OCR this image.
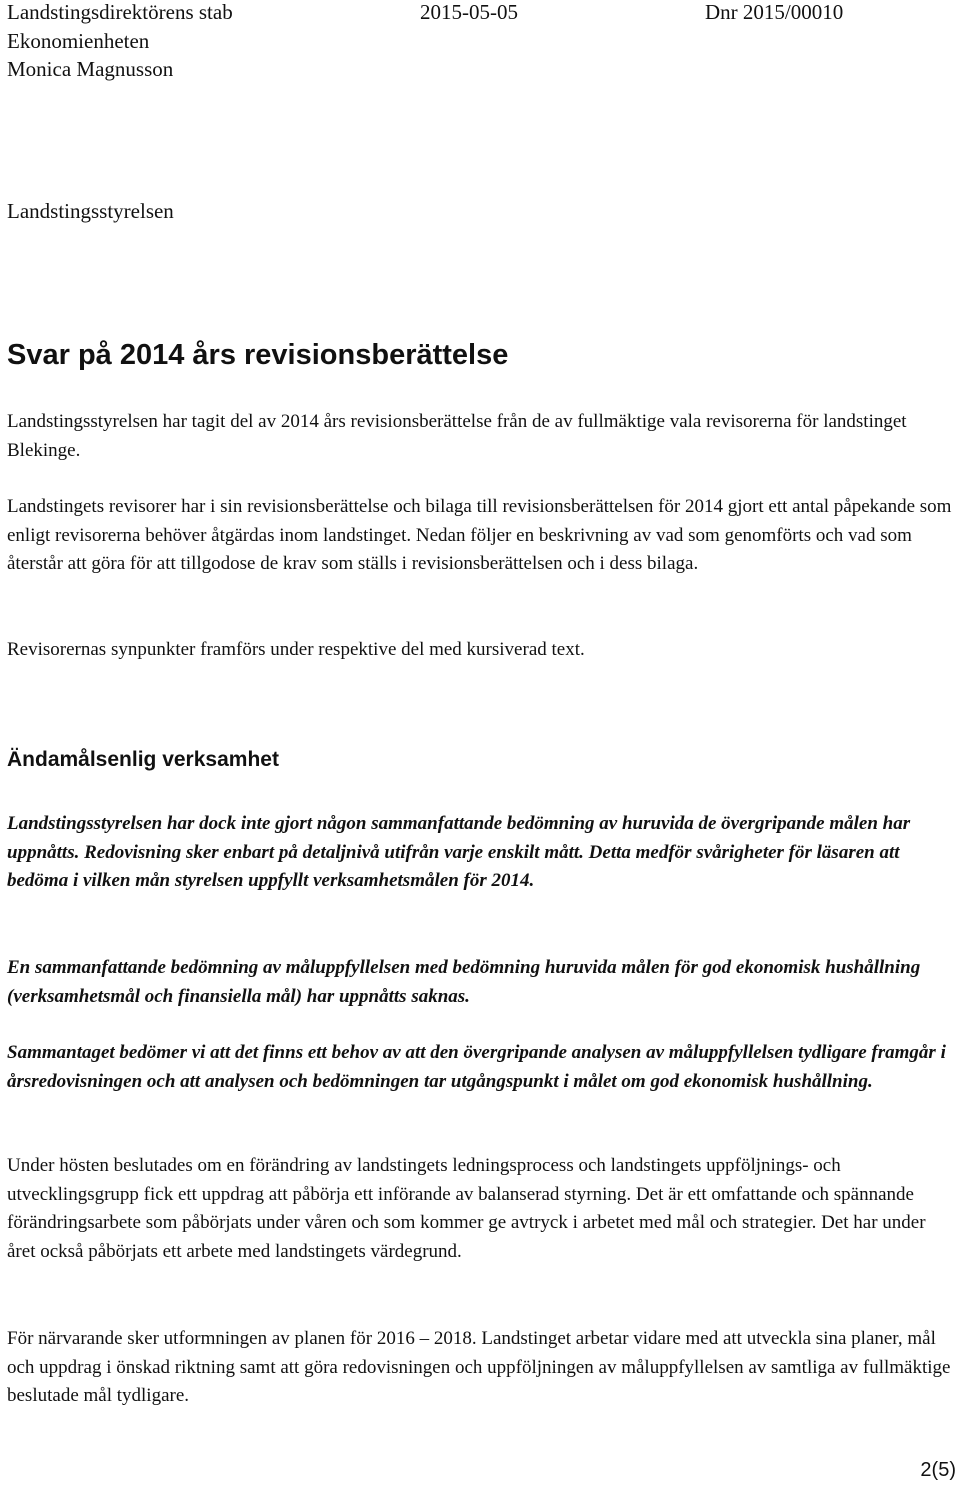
Landstingsdirektörens stab	2015-05-05	Dnr 2015/00010
Ekonomienheten
Monica Magnusson
Landstingsstyrelsen
Svar på 2014 års revisionsberättelse

Landstingsstyrelsen har tagit del av 2014 års revisionsberättelse från de av fullmäktige vala revisorerna för landstinget Blekinge.

Landstingets revisorer har i sin revisionsberättelse och bilaga till revisionsberättelsen för 2014 gjort ett antal påpekande som enligt revisorerna behöver åtgärdas inom landstinget. Nedan följer en beskrivning av vad som genomförts och vad som återstår att göra för att tillgodose de krav som ställs i revisionsberättelsen och i dess bilaga.

Revisorernas synpunkter framförs under respektive del med kursiverad text.

Ändamålsenlig verksamhet

Landstingsstyrelsen har dock inte gjort någon sammanfattande bedömning av huruvida de övergripande målen har uppnåtts. Redovisning sker enbart på detaljnivå utifrån varje enskilt mått. Detta medför svårigheter för läsaren att bedöma i vilken mån styrelsen uppfyllt verksamhetsmålen för 2014.

En sammanfattande bedömning av måluppfyllelsen med bedömning huruvida målen för god ekonomisk hushållning (verksamhetsmål och finansiella mål) har uppnåtts saknas.

Sammantaget bedömer vi att det finns ett behov av att den övergripande analysen av måluppfyllelsen tydligare framgår i årsredovisningen och att analysen och bedömningen tar utgångspunkt i målet om god ekonomisk hushållning.

Under hösten beslutades om en förändring av landstingets ledningsprocess och landstingets uppföljnings- och utvecklingsgrupp fick ett uppdrag att påbörja ett införande av balanserad styrning. Det är ett omfattande och spännande förändringsarbete som påbörjats under våren och som kommer ge avtryck i arbetet med mål och strategier. Det har under året också påbörjats ett arbete med landstingets värdegrund.

För närvarande sker utformningen av planen för 2016 – 2018. Landstinget arbetar vidare med att utveckla sina planer, mål och uppdrag i önskad riktning samt att göra redovisningen och uppföljningen av måluppfyllelsen av samtliga av fullmäktige beslutade mål tydligare.

2(5)
